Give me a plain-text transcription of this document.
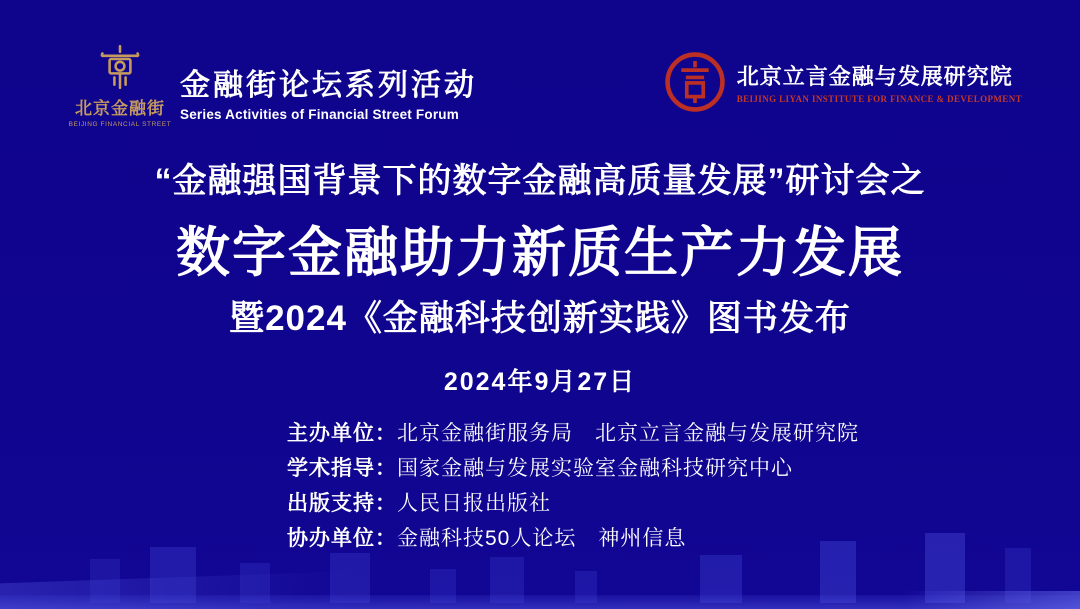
北京金融街
BEIJING FINANCIAL STREET
金融街论坛系列活动
Series Activities of Financial Street Forum
北京立言金融与发展研究院
BEIJING LIYAN INSTITUTE FOR FINANCE & DEVELOPMENT
“金融强国背景下的数字金融高质量发展”研讨会之
数字金融助力新质生产力发展
暨2024《金融科技创新实践》图书发布
2024年9月27日
主办单位：北京金融街服务局　北京立言金融与发展研究院
学术指导：国家金融与发展实验室金融科技研究中心
出版支持：人民日报出版社
协办单位：金融科技50人论坛　神州信息
